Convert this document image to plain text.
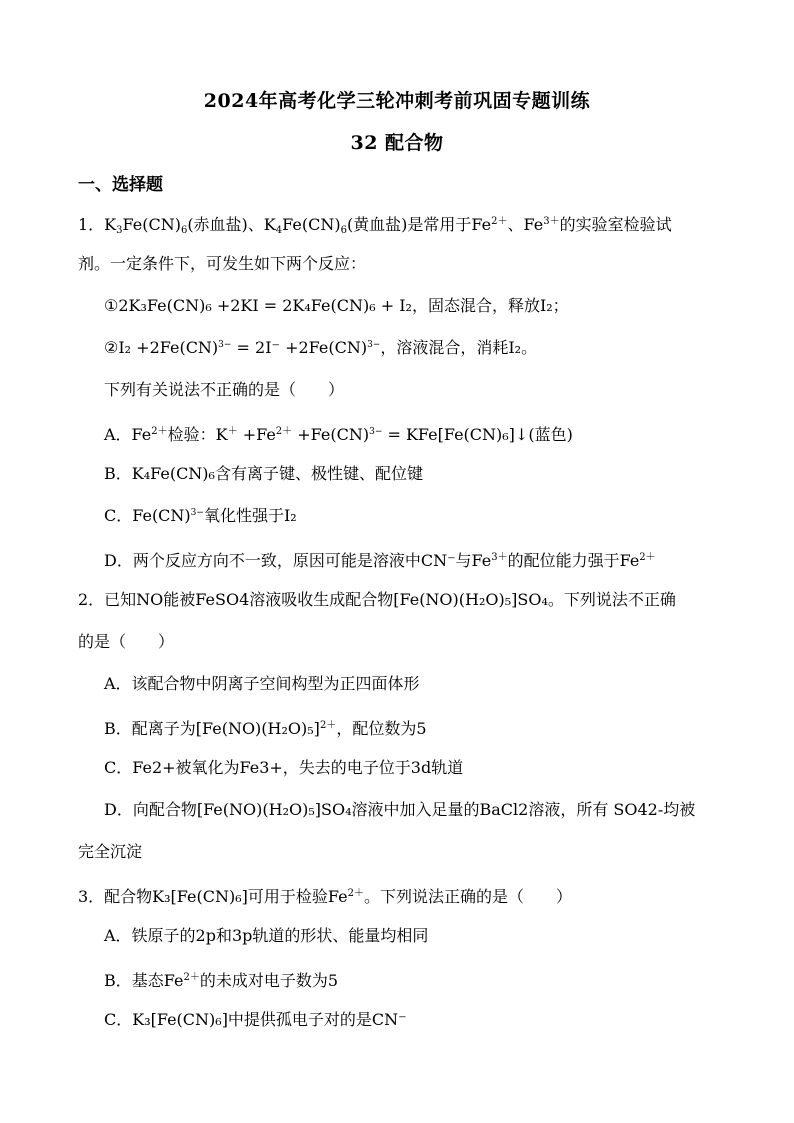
2024年高考化学三轮冲刺考前巩固专题训练
32 配合物
一、选择题
1．$K_3Fe(CN)_6$(赤血盐)、$K_4Fe(CN)_6$(黄血盐)是常用于$Fe^{2+}$、$Fe^{3+}$的实验室检验试
剂。一定条件下，可发生如下两个反应：
①2K₃Fe(CN)₆ +2KI = 2K₄Fe(CN)₆ + I₂，固态混合，释放I₂；
②I₂ +2Fe(CN)$^{3-}$ = 2I⁻ +2Fe(CN)$^{3-}$，溶液混合，消耗I₂。
下列有关说法不正确的是（　　）
A．$Fe^{2+}$检验：$K^+ +Fe^{2+} +Fe(CN)^{3-}$ = KFe[Fe(CN)₆]↓(蓝色)
B．K₄Fe(CN)₆含有离子键、极性键、配位键
C．Fe(CN)$^{3-}$氧化性强于I₂
D．两个反应方向不一致，原因可能是溶液中CN⁻与$Fe^{3+}$的配位能力强于$Fe^{2+}$
2．已知NO能被FeSO4溶液吸收生成配合物[Fe(NO)(H₂O)₅]SO₄。下列说法不正确
的是（　　）
A．该配合物中阴离子空间构型为正四面体形
B．配离子为$[Fe(NO)(H_2O)_5]^{2+}$，配位数为5
C．Fe2+被氧化为Fe3+，失去的电子位于3d轨道
D．向配合物[Fe(NO)(H₂O)₅]SO₄溶液中加入足量的BaCl2溶液，所有 SO42-均被
完全沉淀
3．配合物K₃[Fe(CN)₆]可用于检验$Fe^{2+}$。下列说法正确的是（　　）
A．铁原子的2p和3p轨道的形状、能量均相同
B．基态$Fe^{2+}$的未成对电子数为5
C．K₃[Fe(CN)₆]中提供孤电子对的是CN⁻
